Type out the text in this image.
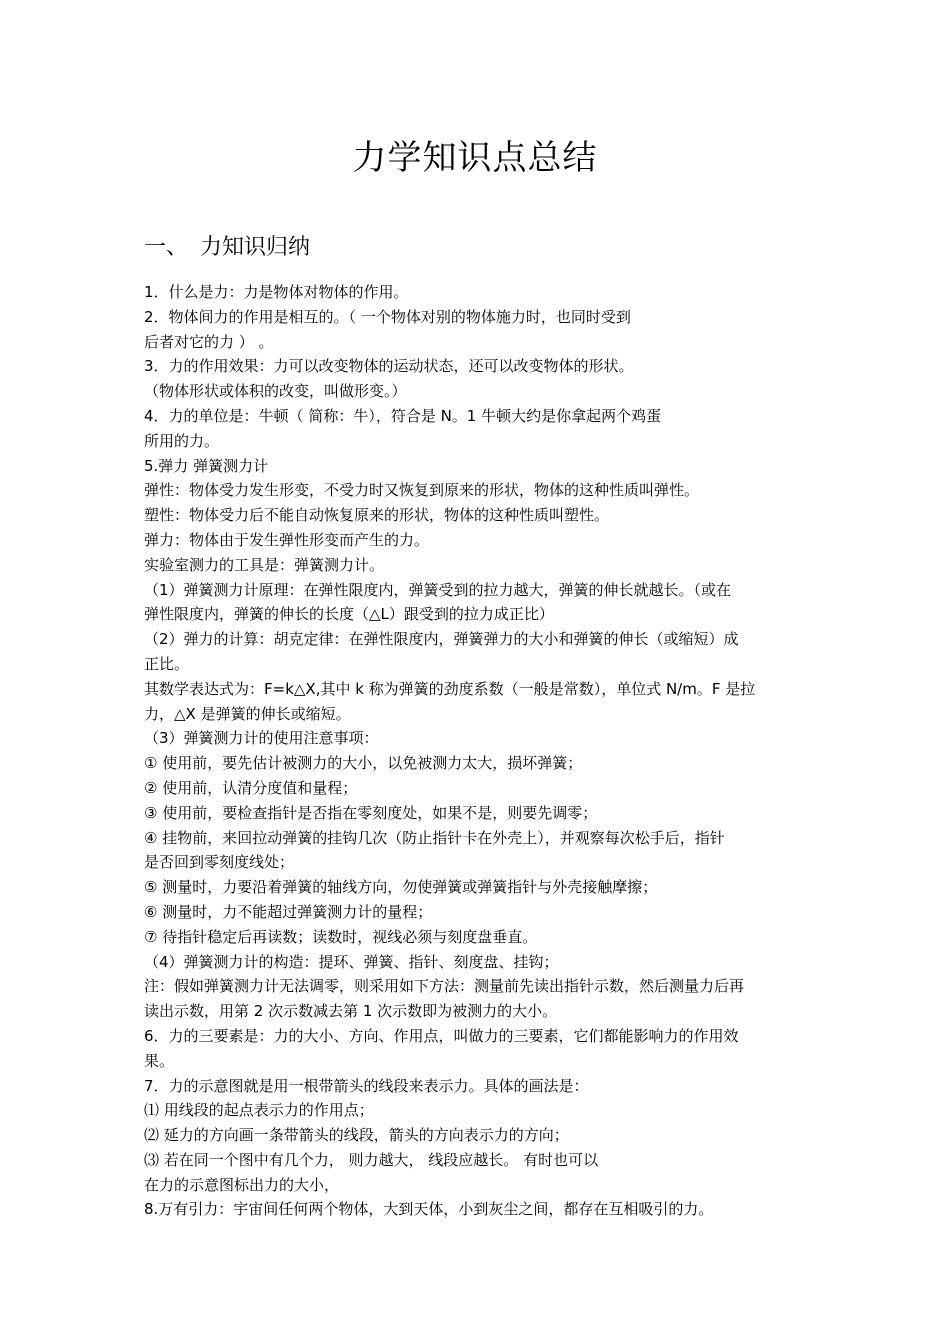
力学知识点总结
一、 力知识归纳
1．什么是力：力是物体对物体的作用。
2．物体间力的作用是相互的。（ 一个物体对别的物体施力时，也同时受到
后者对它的力 ） 。
3．力的作用效果：力可以改变物体的运动状态，还可以改变物体的形状。
（物体形状或体积的改变，叫做形变。）
4．力的单位是：牛顿（ 简称：牛），符合是 N。1 牛顿大约是你拿起两个鸡蛋
所用的力。
5.弹力 弹簧测力计
弹性：物体受力发生形变，不受力时又恢复到原来的形状，物体的这种性质叫弹性。
塑性：物体受力后不能自动恢复原来的形状，物体的这种性质叫塑性。
弹力：物体由于发生弹性形变而产生的力。
实验室测力的工具是：弹簧测力计。
（1）弹簧测力计原理：在弹性限度内，弹簧受到的拉力越大，弹簧的伸长就越长。（或在
弹性限度内，弹簧的伸长的长度（△L）跟受到的拉力成正比）
（2）弹力的计算：胡克定律：在弹性限度内，弹簧弹力的大小和弹簧的伸长（或缩短）成
正比。
其数学表达式为：F=k△X,其中 k 称为弹簧的劲度系数（一般是常数），单位式 N/m。F 是拉
力，△X 是弹簧的伸长或缩短。
（3）弹簧测力计的使用注意事项：
① 使用前，要先估计被测力的大小，以免被测力太大，损坏弹簧；
② 使用前，认清分度值和量程；
③ 使用前，要检查指针是否指在零刻度处，如果不是，则要先调零；
④ 挂物前，来回拉动弹簧的挂钩几次（防止指针卡在外壳上），并观察每次松手后，指针
是否回到零刻度线处；
⑤ 测量时，力要沿着弹簧的轴线方向，勿使弹簧或弹簧指针与外壳接触摩擦；
⑥ 测量时，力不能超过弹簧测力计的量程；
⑦ 待指针稳定后再读数；读数时，视线必须与刻度盘垂直。
（4）弹簧测力计的构造：提环、弹簧、指针、刻度盘、挂钩；
注：假如弹簧测力计无法调零，则采用如下方法：测量前先读出指针示数，然后测量力后再
读出示数，用第 2 次示数减去第 1 次示数即为被测力的大小。
6．力的三要素是：力的大小、方向、作用点，叫做力的三要素，它们都能影响力的作用效
果。
7．力的示意图就是用一根带箭头的线段来表示力。具体的画法是：
⑴ 用线段的起点表示力的作用点；
⑵ 延力的方向画一条带箭头的线段，箭头的方向表示力的方向；
⑶ 若在同一个图中有几个力， 则力越大， 线段应越长。 有时也可以
在力的示意图标出力的大小，
8.万有引力：宇宙间任何两个物体，大到天体，小到灰尘之间，都存在互相吸引的力。
